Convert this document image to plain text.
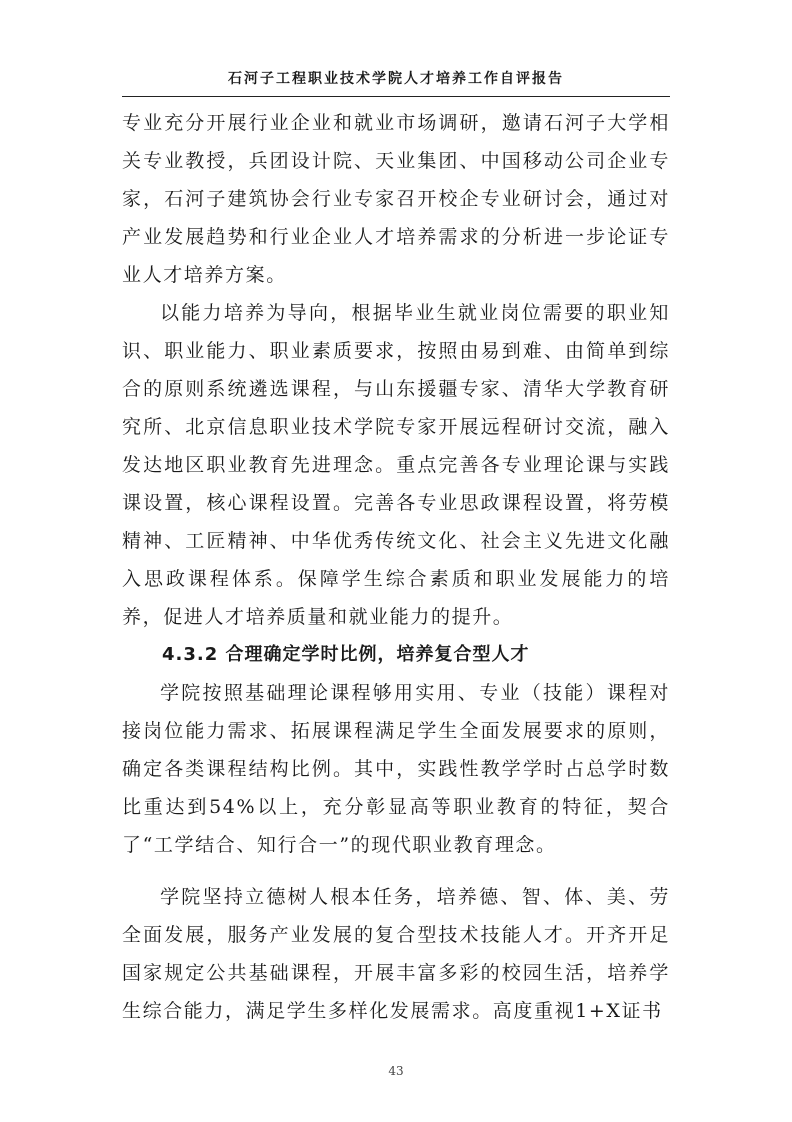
石河子工程职业技术学院人才培养工作自评报告

专业充分开展行业企业和就业市场调研，邀请石河子大学相关专业教授，兵团设计院、天业集团、中国移动公司企业专家，石河子建筑协会行业专家召开校企专业研讨会，通过对产业发展趋势和行业企业人才培养需求的分析进一步论证专业人才培养方案。

以能力培养为导向，根据毕业生就业岗位需要的职业知识、职业能力、职业素质要求，按照由易到难、由简单到综合的原则系统遴选课程，与山东援疆专家、清华大学教育研究所、北京信息职业技术学院专家开展远程研讨交流，融入发达地区职业教育先进理念。重点完善各专业理论课与实践课设置，核心课程设置。完善各专业思政课程设置，将劳模精神、工匠精神、中华优秀传统文化、社会主义先进文化融入思政课程体系。保障学生综合素质和职业发展能力的培养，促进人才培养质量和就业能力的提升。

4.3.2 合理确定学时比例，培养复合型人才

学院按照基础理论课程够用实用、专业（技能）课程对接岗位能力需求、拓展课程满足学生全面发展要求的原则，确定各类课程结构比例。其中，实践性教学学时占总学时数比重达到54%以上，充分彰显高等职业教育的特征，契合了“工学结合、知行合一”的现代职业教育理念。

学院坚持立德树人根本任务，培养德、智、体、美、劳全面发展，服务产业发展的复合型技术技能人才。开齐开足国家规定公共基础课程，开展丰富多彩的校园生活，培养学生综合能力，满足学生多样化发展需求。高度重视1+X证书

43
